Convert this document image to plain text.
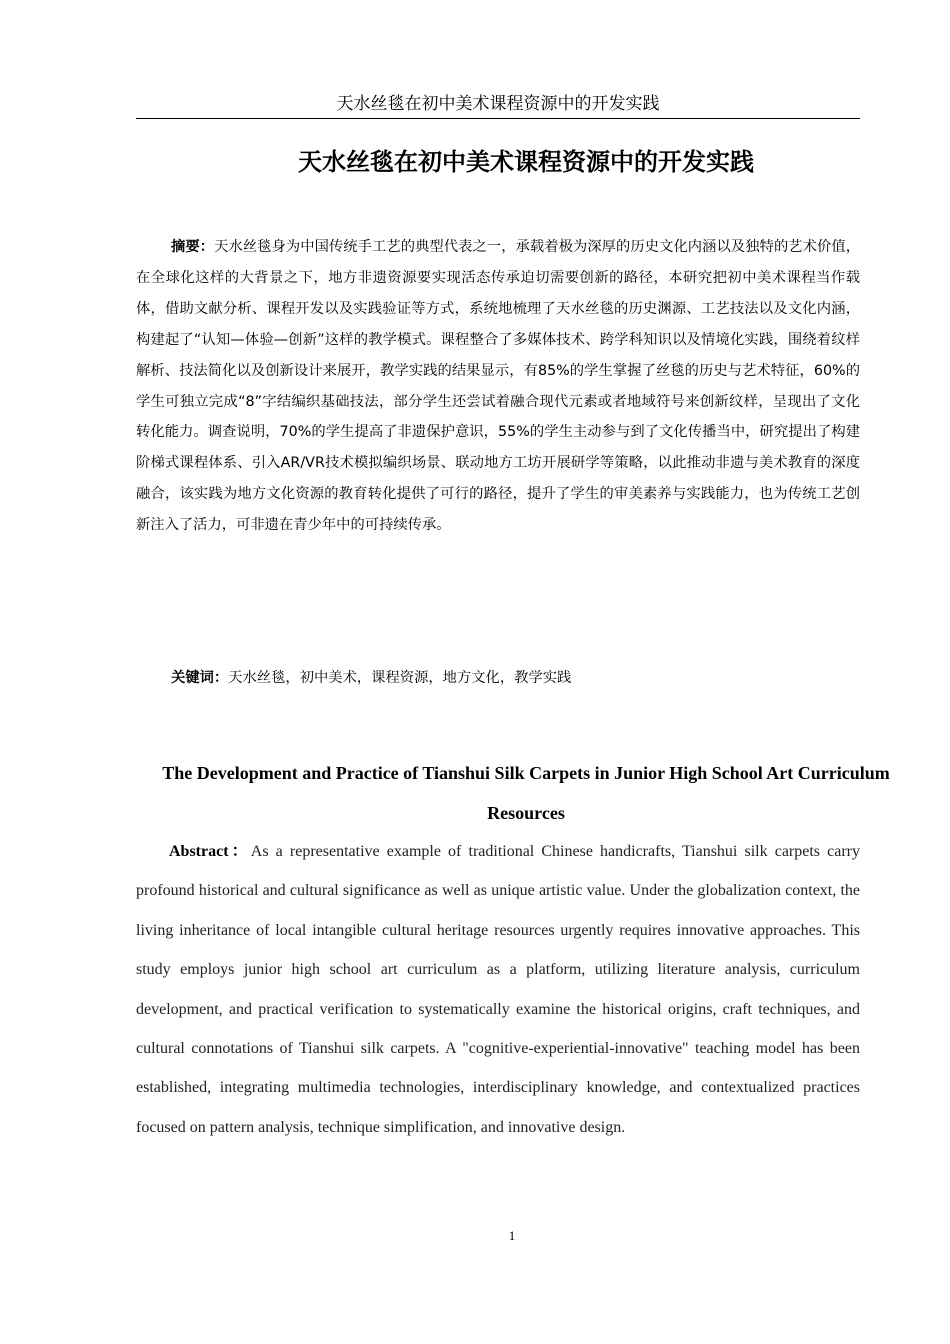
天水丝毯在初中美术课程资源中的开发实践
天水丝毯在初中美术课程资源中的开发实践

摘要：天水丝毯身为中国传统手工艺的典型代表之一，承载着极为深厚的历史文化内涵以及独特的艺术价值，在全球化这样的大背景之下，地方非遗资源要实现活态传承迫切需要创新的路径，本研究把初中美术课程当作载体，借助文献分析、课程开发以及实践验证等方式，系统地梳理了天水丝毯的历史渊源、工艺技法以及文化内涵，构建起了“认知—体验—创新”这样的教学模式。课程整合了多媒体技术、跨学科知识以及情境化实践，围绕着纹样解析、技法简化以及创新设计来展开，教学实践的结果显示，有85%的学生掌握了丝毯的历史与艺术特征，60%的学生可独立完成“8”字结编织基础技法，部分学生还尝试着融合现代元素或者地域符号来创新纹样，呈现出了文化转化能力。调查说明，70%的学生提高了非遗保护意识，55%的学生主动参与到了文化传播当中，研究提出了构建阶梯式课程体系、引入AR/VR技术模拟编织场景、联动地方工坊开展研学等策略，以此推动非遗与美术教育的深度融合，该实践为地方文化资源的教育转化提供了可行的路径，提升了学生的审美素养与实践能力，也为传统工艺创新注入了活力，可非遗在青少年中的可持续传承。

关键词：天水丝毯，初中美术，课程资源，地方文化，教学实践

The Development and Practice of Tianshui Silk Carpets in Junior High School Art Curriculum Resources

Abstract：As a representative example of traditional Chinese handicrafts, Tianshui silk carpets carry profound historical and cultural significance as well as unique artistic value. Under the globalization context, the living inheritance of local intangible cultural heritage resources urgently requires innovative approaches. This study employs junior high school art curriculum as a platform, utilizing literature analysis, curriculum development, and practical verification to systematically examine the historical origins, craft techniques, and cultural connotations of Tianshui silk carpets. A "cognitive-experiential-innovative" teaching model has been established, integrating multimedia technologies, interdisciplinary knowledge, and contextualized practices focused on pattern analysis, technique simplification, and innovative design.

1
